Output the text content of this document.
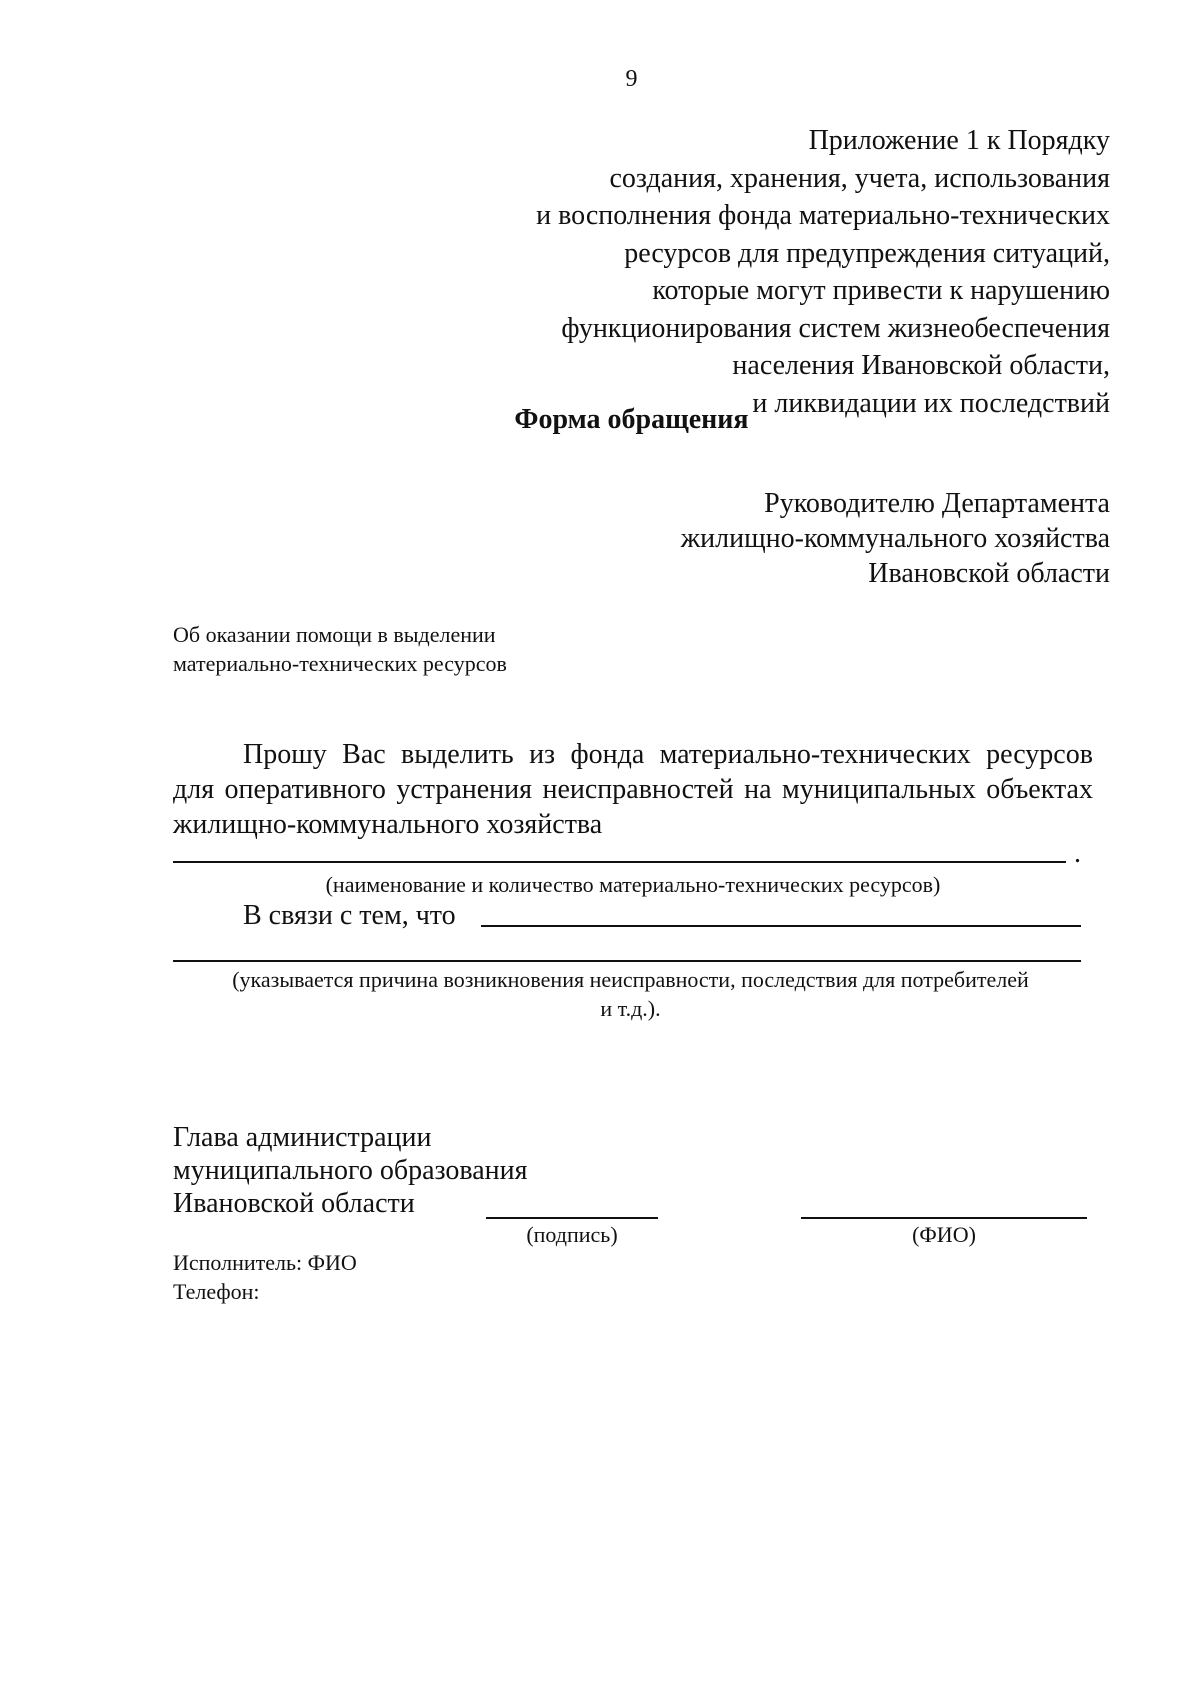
9
Приложение 1 к Порядку
создания, хранения, учета, использования
и восполнения фонда материально-технических
ресурсов для предупреждения ситуаций,
которые могут привести к нарушению
функционирования систем жизнеобеспечения
населения Ивановской области,
и ликвидации их последствий
Форма обращения
Руководителю Департамента
жилищно-коммунального хозяйства
Ивановской области
Об оказании помощи в выделении
материально-технических ресурсов
Прошу Вас выделить из фонда материально-технических ресурсов
для оперативного устранения неисправностей на муниципальных объектах
жилищно-коммунального хозяйства
.
(наименование и количество материально-технических ресурсов)
В связи с тем, что
(указывается причина возникновения неисправности, последствия для потребителей
и т.д.).
Глава администрации
муниципального образования
Ивановской области
(подпись)	(ФИО)
Исполнитель: ФИО
Телефон:
